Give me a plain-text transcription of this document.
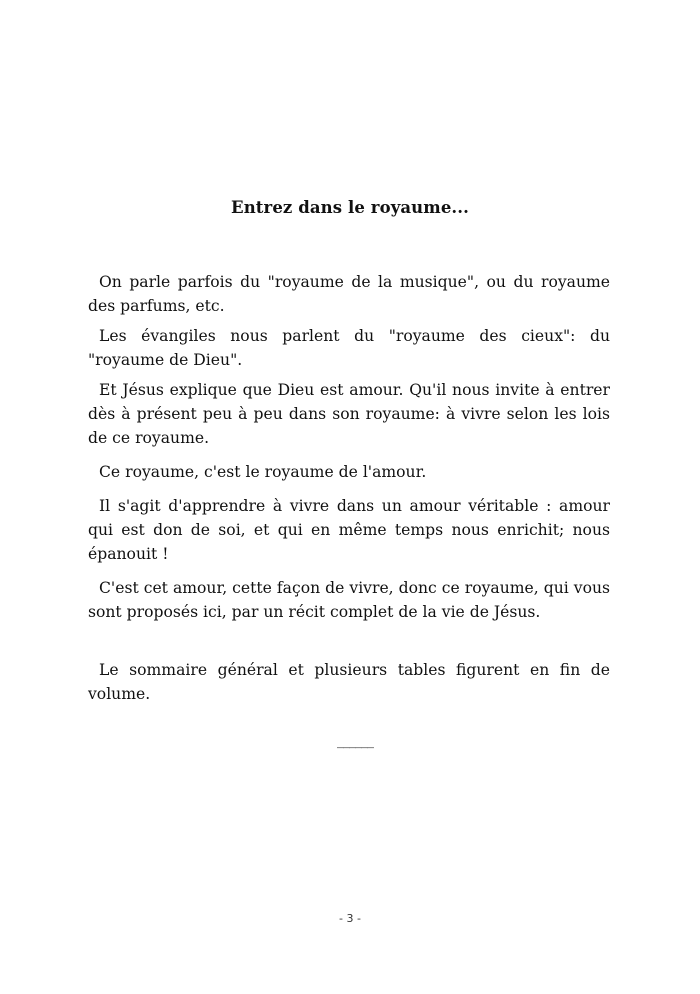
Entrez dans le royaume...

On parle parfois du "royaume de la musique", ou du royaume des parfums, etc.

Les évangiles nous parlent du "royaume des cieux": du "royaume de Dieu".

Et Jésus explique que Dieu est amour. Qu'il nous invite à entrer dès à présent peu à peu dans son royaume: à vivre selon les lois de ce royaume.

Ce royaume, c'est le royaume de l'amour.

Il s'agit d'apprendre à vivre dans un amour véritable : amour qui est don de soi, et qui en même temps nous enrichit; nous épanouit !

C'est cet amour, cette façon de vivre, donc ce royaume, qui vous sont proposés ici, par un récit complet de la vie de Jésus.

Le sommaire général et plusieurs tables figurent en fin de volume.

______
- 3 -
